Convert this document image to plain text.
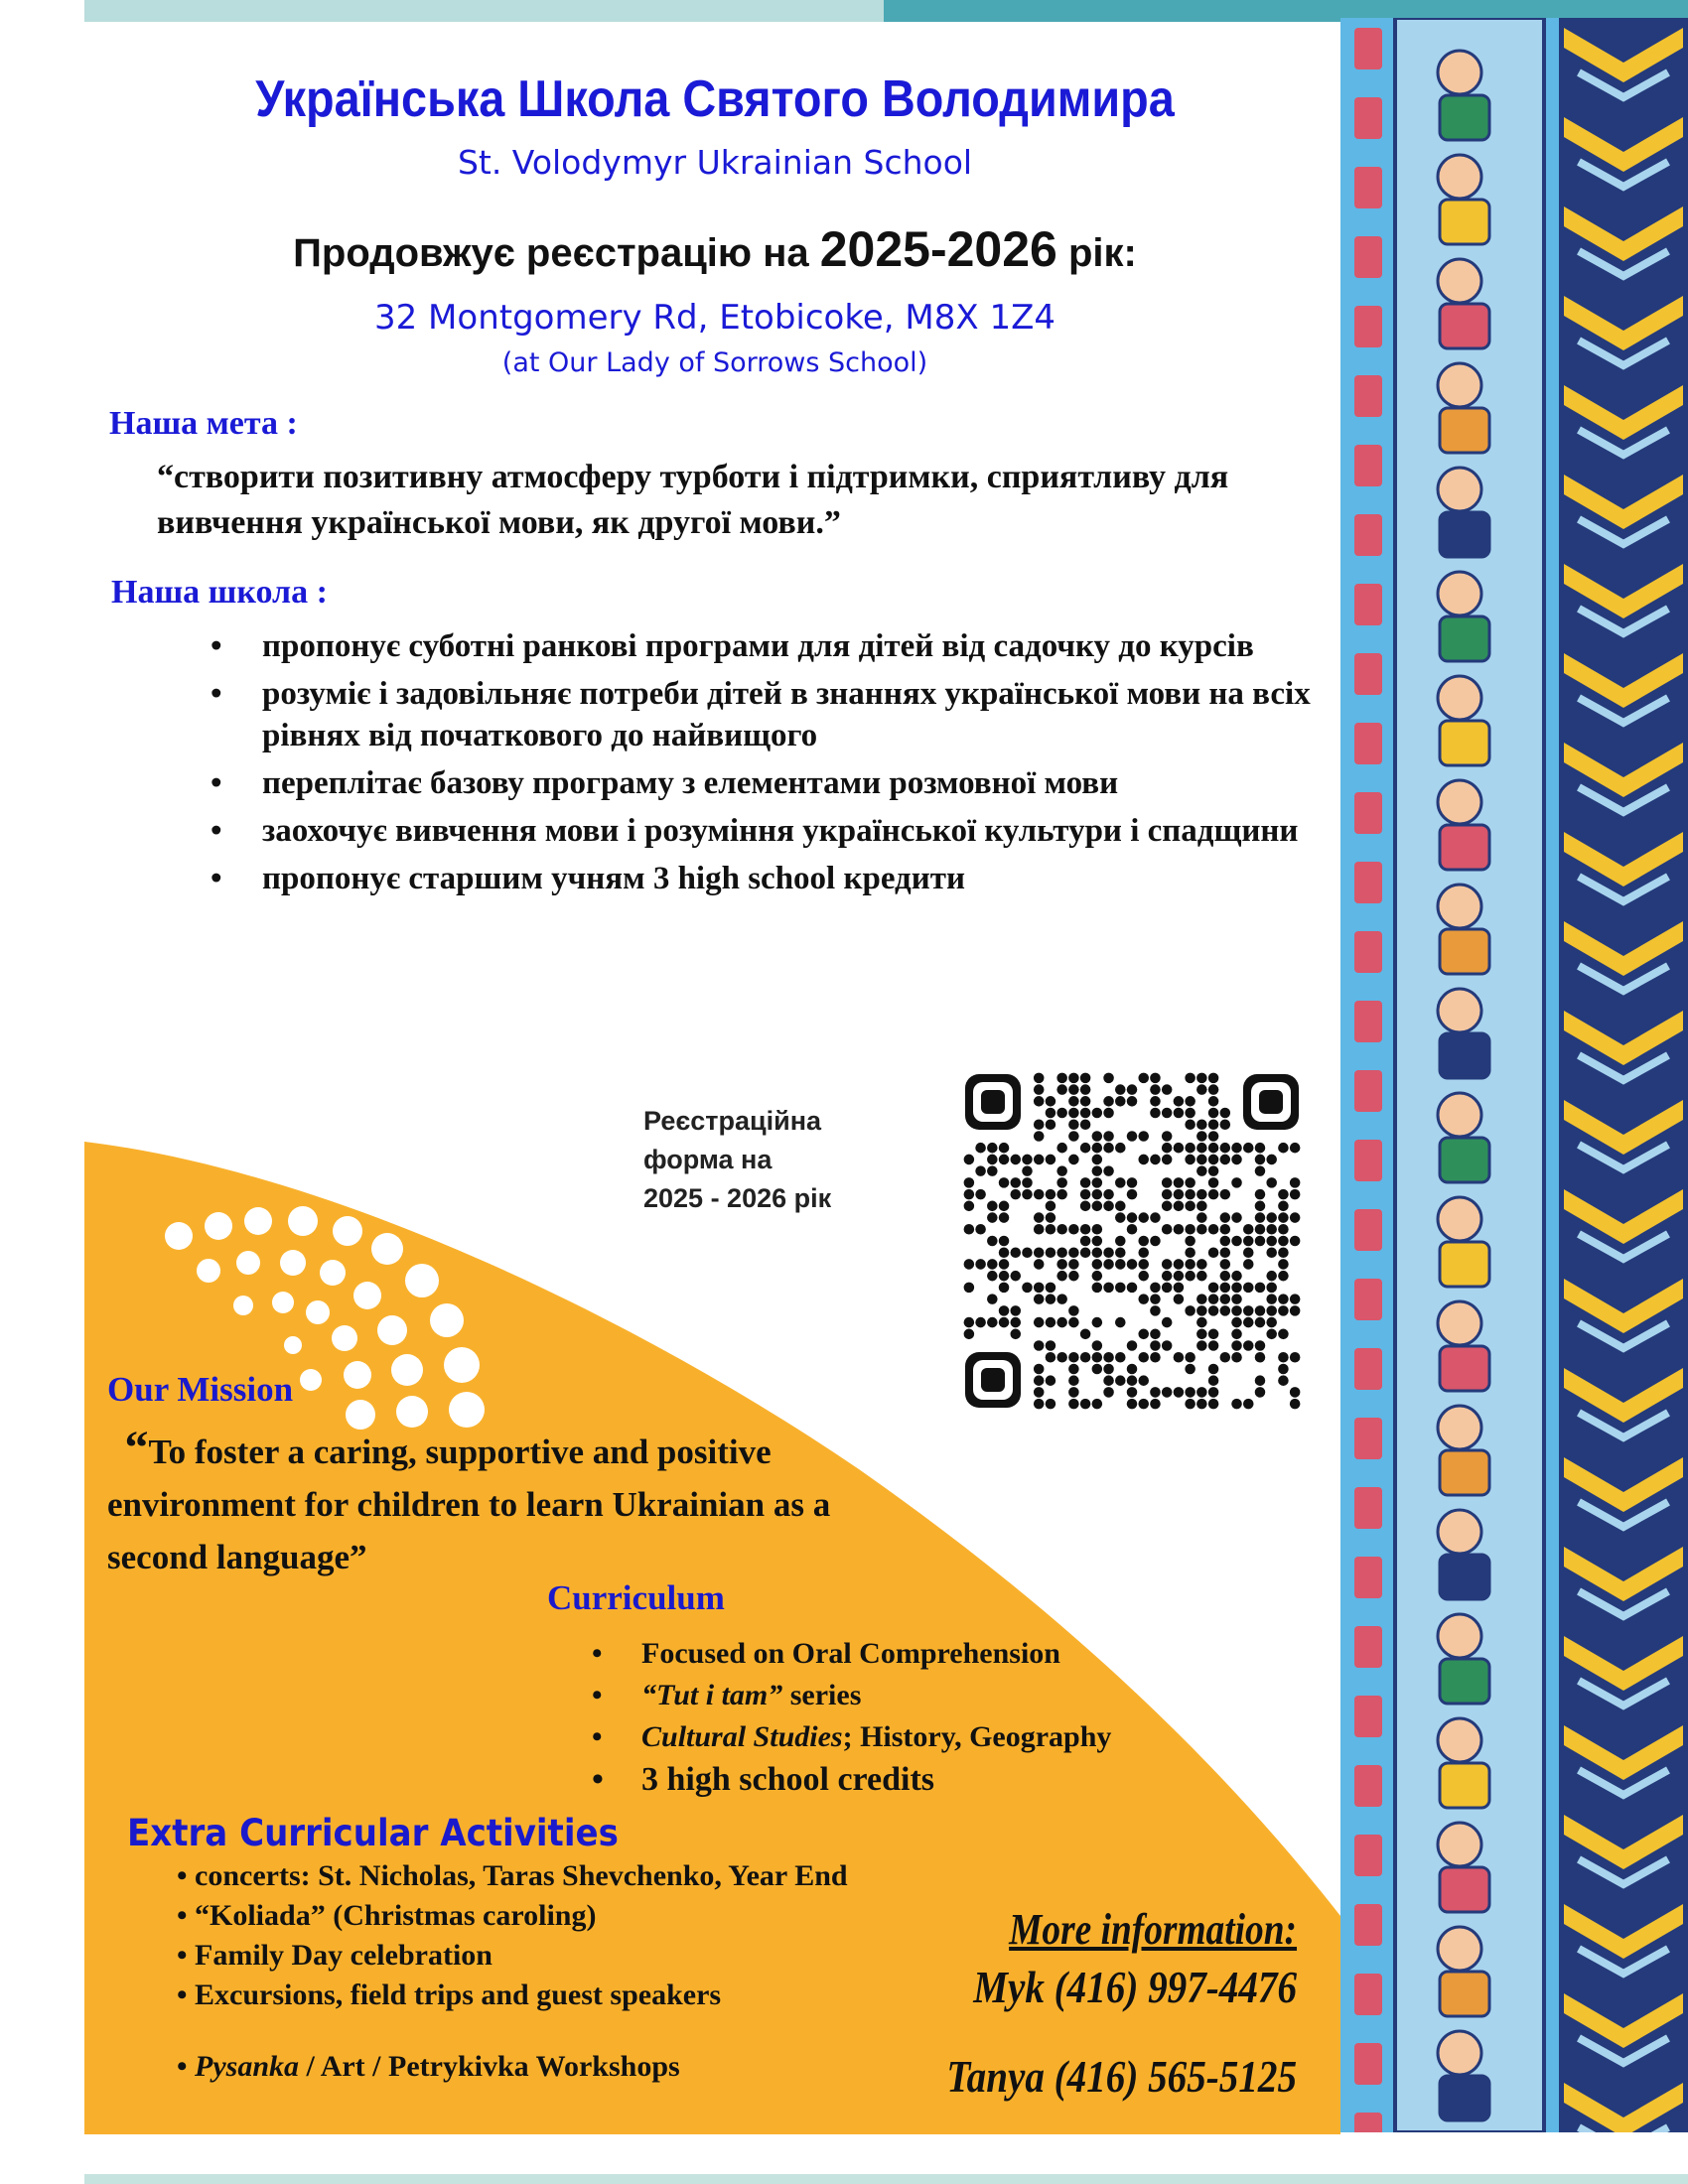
Українська Школа Святого Володимира
St. Volodymyr Ukrainian School
Продовжує реєстрацію на 2025-2026 рік:
32 Montgomery Rd, Etobicoke, M8X 1Z4
(at Our Lady of Sorrows School)
Наша мета :
“створити позитивну атмосферу турботи і підтримки, сприятливу для вивчення української мови, як другої мови.”
Наша школа :
• пропонує суботні ранкові програми для дітей від садочку до курсів
• розуміє і задовільняє потреби дітей в знаннях української мови на всіх рівнях від початкового до найвищого
• переплітає базову програму з елементами розмовної мови
• заохочує вивчення мови і розуміння української культури і спадщини
• пропонує старшим учням 3 high school кредити
Реєстраційна
форма на
2025 - 2026 рік
Our Mission
“To foster a caring, supportive and positive environment for children to learn Ukrainian as a second language”
Curriculum
• Focused on Oral Comprehension
• “Tut i tam” series
• Cultural Studies; History, Geography
• 3 high school credits
Extra Curricular Activities
• concerts: St. Nicholas, Taras Shevchenko, Year End
• “Koliada” (Christmas caroling)
• Family Day celebration
• Excursions, field trips and guest speakers
• Pysanka / Art / Petrykivka Workshops
More information:
Myk (416) 997-4476
Tanya (416) 565-5125
